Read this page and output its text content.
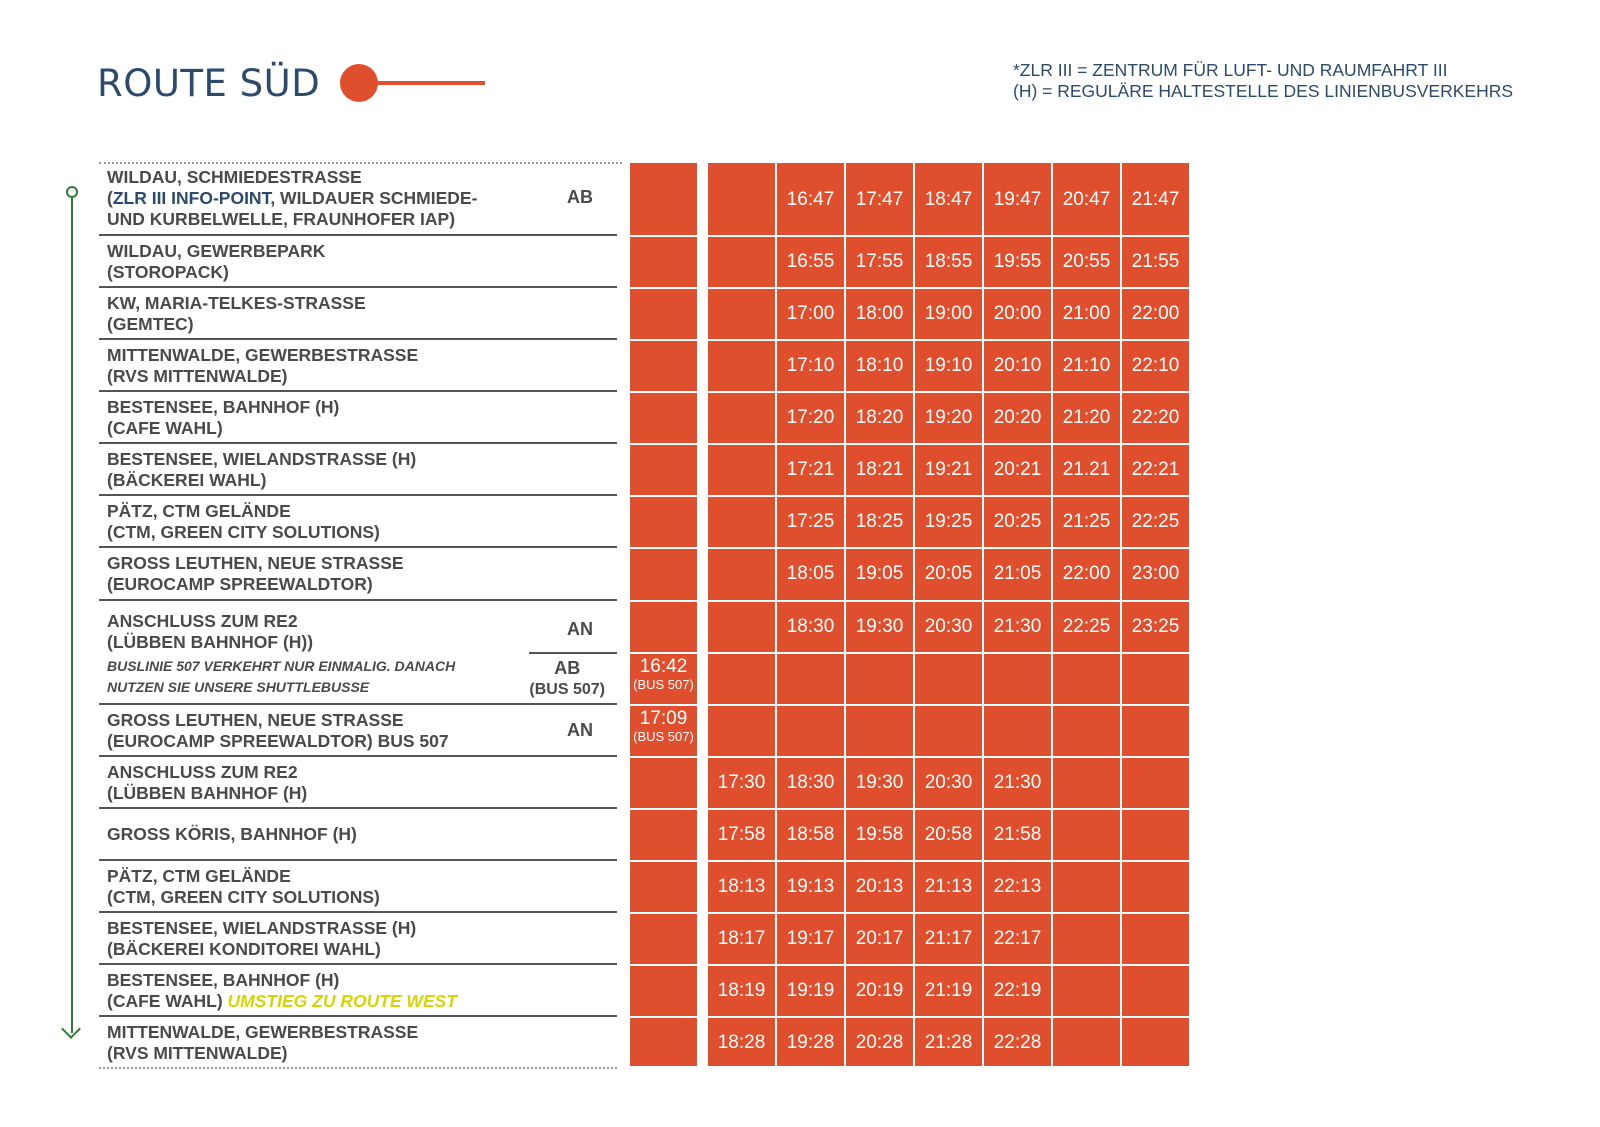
ROUTE SÜD	*ZLR III = ZENTRUM FÜR LUFT- UND RAUMFAHRT III
(H) = REGULÄRE HALTESTELLE DES LINIENBUSVERKEHRS
WILDAU, SCHMIEDESTRASSE
(ZLR III INFO-POINT, WILDAUER SCHMIEDE-
UND KURBELWELLE, FRAUNHOFER IAP)
AB
WILDAU, GEWERBEPARK
(STOROPACK)
KW, MARIA-TELKES-STRASSE
(GEMTEC)
MITTENWALDE, GEWERBESTRASSE
(RVS MITTENWALDE)
BESTENSEE, BAHNHOF (H)
(CAFE WAHL)
BESTENSEE, WIELANDSTRASSE (H)
(BÄCKEREI WAHL)
PÄTZ, CTM GELÄNDE
(CTM, GREEN CITY SOLUTIONS)
GROSS LEUTHEN, NEUE STRASSE
(EUROCAMP SPREEWALDTOR)
ANSCHLUSS ZUM RE2
(LÜBBEN BAHNHOF (H))
AN
BUSLINIE 507 VERKEHRT NUR EINMALIG. DANACH
NUTZEN SIE UNSERE SHUTTLEBUSSE
AB
(BUS 507)
GROSS LEUTHEN, NEUE STRASSE
(EUROCAMP SPREEWALDTOR) BUS 507
AN
ANSCHLUSS ZUM RE2
(LÜBBEN BAHNHOF (H)
GROSS KÖRIS, BAHNHOF (H)
PÄTZ, CTM GELÄNDE
(CTM, GREEN CITY SOLUTIONS)
BESTENSEE, WIELANDSTRASSE (H)
(BÄCKEREI KONDITOREI WAHL)
BESTENSEE, BAHNHOF (H)
(CAFE WAHL) UMSTIEG ZU ROUTE WEST
MITTENWALDE, GEWERBESTRASSE
(RVS MITTENWALDE)
16:42
(BUS 507)
17:09
(BUS 507)
17:30
17:58
18:13
18:17
18:19
18:28
16:47
16:55
17:00
17:10
17:20
17:21
17:25
18:05
18:30
18:30
18:58
19:13
19:17
19:19
19:28
17:47
17:55
18:00
18:10
18:20
18:21
18:25
19:05
19:30
19:30
19:58
20:13
20:17
20:19
20:28
18:47
18:55
19:00
19:10
19:20
19:21
19:25
20:05
20:30
20:30
20:58
21:13
21:17
21:19
21:28
19:47
19:55
20:00
20:10
20:20
20:21
20:25
21:05
21:30
21:30
21:58
22:13
22:17
22:19
22:28
20:47
20:55
21:00
21:10
21:20
21.21
21:25
22:00
22:25
21:47
21:55
22:00
22:10
22:20
22:21
22:25
23:00
23:25
